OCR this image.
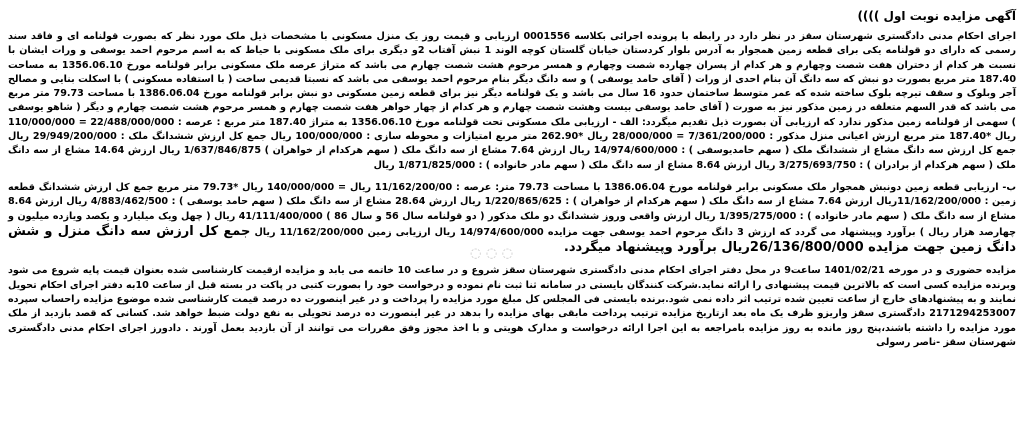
آگهی مزایده نوبت اول ))))

اجرای احکام مدنی دادگستری شهرستان سقز در نظر دارد در رابطه با پرونده اجرائی بکلاسه 0001556 ارزیابی و قیمت روز یک منزل مسکونی با مشخصات ذیل ملک مورد نظر که بصورت قولنامه ای و فاقد سند رسمی که دارای دو قولنامه یکی برای قطعه زمین همجوار به آدرس بلوار کردستان خیابان گلستان کوچه الوند 1 نبش آفتاب 2و دیگری برای ملک مسکونی با حیاط که به اسم مرحوم احمد یوسفی و ورات ایشان با نسبت هر کدام از دختران هفت شصت وچهارم و هر کدام از پسران چهارده شصت وچهارم و همسر مرحوم هشت شصت چهارم می باشد که متراژ عرصه ملک مسکونی برابر قولنامه مورخ 1356.06.10 به مساحت 187.40 متر مربع بصورت دو نبش که سه دانگ آن بنام احدی از ورات ( آقای حامد یوسفی ) و سه دانگ دیگر بنام مرحوم احمد یوسفی می باشد که نسبتا قدیمی ساخت ( با استفاده مسکونی ) با اسکلت بنایی و مصالح آجر وبلوک و سقف تیرچه بلوک ساخته شده که عمر متوسط ساختمان حدود 16 سال می باشد و یک قولنامه دیگر نیز برای قطعه زمین مسکونی دو نبش برابر قولنامه مورخ 1386.06.04 با مساحت 79.73 متر مربع می باشد که قدر السهم متعلقه در زمین مذکور نیز به صورت ( آقای حامد یوسفی بیست وهشت شصت چهارم و هر کدام از چهار خواهر هفت شصت چهارم و همسر مرحوم هشت شصت چهارم و دیگر ( شاهو یوسفی ) سهمی از قولنامه زمین مذکور ندارد که ارزیابی آن بصورت ذیل تقدیم میگردد: الف - ارزیابی ملک مسکونی تحت قولنامه مورخ 1356.06.10 به متراژ 187.40 متر مربع : عرصه : 22/488/000/000 = 110/000/000 ریال *187.40 متر مربع ارزش اعیانی منزل مذکور : 7/361/200/000 = 28/000/000 ریال *262.90 متر مربع امتیازات و محوطه سازی : 100/000/000 ریال جمع کل ارزش ششدانگ ملک : 29/949/200/000 ریال جمع کل ارزش سه دانگ مشاع از ششدانگ ملک ( سهم حامدیوسفی ) : 14/974/600/000 ریال ارزش 7.64 مشاع از سه دانگ ملک ( سهم هرکدام از خواهران ) 1/637/846/875 ریال ارزش 14.64 مشاع از سه دانگ ملک ( سهم هرکدام از برادران ) : 3/275/693/750 ریال ارزش 8.64 مشاع از سه دانگ ملک ( سهم مادر خانواده ) : 1/871/825/000 ریال

ب- ارزیابی قطعه زمین دونبش همجوار ملک مسکونی برابر قولنامه مورخ 1386.06.04 با مساحت 79.73 متر: عرصه : 11/162/200/00 ریال = 140/000/000 ریال *79.73 متر مربع جمع کل ارزش ششدانگ قطعه زمین : 11/162/200/000ریال ارزش 7.64 مشاع از سه دانگ ملک ( سهم هرکدام از خواهران ) : 1/220/865/625 ریال ارزش 28.64 مشاع از سه دانگ ملک ( سهم حامد یوسفی ) : 4/883/462/500 ریال ارزش 8.64 مشاع از سه دانگ ملک ( سهم مادر خانواده ) : 1/395/275/000 ریال ارزش واقعی وروز ششدانگ دو ملک مذکور ( دو قولنامه سال 56 و سال 86 ) 41/111/400/000 ریال ( چهل ویک میلیارد و یکصد ویازده میلیون و چهارصد هزار ریال ) برآورد وپیشنهاد می گردد که ارزش 3 دانگ مرحوم احمد یوسفی جهت مزایده 14/974/600/000 ریال ارزیابی زمین 11/162/200/000 ریال جمع کل ارزش سه دانگ منزل و شش دانگ زمین جهت مزایده 26/136/800/000ریال برآورد وپیشنهاد میگردد.

مزایده حضوری و در مورخه 1401/02/21 ساعت9 در محل دفتر اجرای احکام مدنی دادگستری شهرستان سقز شروع و در ساعت 10 خاتمه می یابد و مزایده ازقیمت کارشناسی شده بعنوان قیمت پایه شروع می شود وبرنده مزایده کسی است که بالاترین قیمت پیشنهادی را ارائه نماید.شرکت کنندگان بایستی در سامانه ثنا ثبت نام نموده و درخواست خود را بصورت کتبی در پاکت در بسته قبل از ساعت 10به دفتر اجرای احکام تحویل نمایند و به پیشنهادهای خارج از ساعت تعیین شده ترتیب اثر داده نمی شود.برنده بایستی فی المجلس کل مبلغ مورد مزایده را پرداخت و در غیر اینصورت ده درصد قیمت کارشناسی شده موضوع مزایده راحساب سپرده 2171294253007 دادگستری سقز واریزو ظرف یک ماه بعد ازتاریخ مزایده ترتیب پرداخت مابقی بهای مزایده را بدهد در غیر اینصورت ده درصد تحویلی به نفع دولت ضبط خواهد شد. کسانی که قصد بازدید از ملک مورد مزایده را داشته باشند،پنج روز مانده به روز مزایده بامراجعه به این اجرا ارائه درخواست و مدارک هویتی و با اخذ مجوز وفق مقررات می توانند از آن بازدید بعمل آورند . دادورز اجرای احکام مدنی دادگستری شهرستان سقز -ناصر رسولی

◌ ◌ ◌
